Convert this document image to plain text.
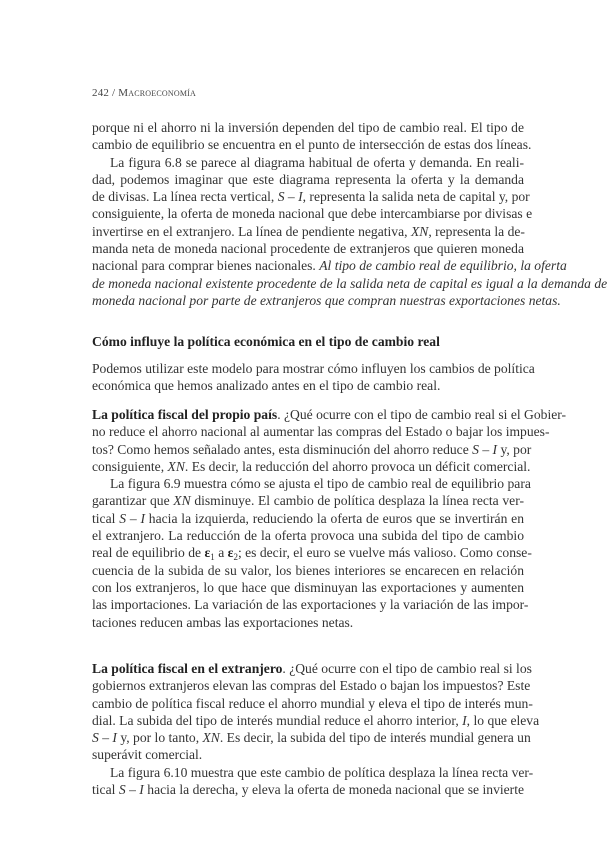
242 / Macroeconomía
porque ni el ahorro ni la inversión dependen del tipo de cambio real. El tipo de
cambio de equilibrio se encuentra en el punto de intersección de estas dos líneas.
La figura 6.8 se parece al diagrama habitual de oferta y demanda. En reali-
dad, podemos imaginar que este diagrama representa la oferta y la demanda
de divisas. La línea recta vertical, S – I, representa la salida neta de capital y, por
consiguiente, la oferta de moneda nacional que debe intercambiarse por divisas e
invertirse en el extranjero. La línea de pendiente negativa, XN, representa la de-
manda neta de moneda nacional procedente de extranjeros que quieren moneda
nacional para comprar bienes nacionales. Al tipo de cambio real de equilibrio, la oferta
de moneda nacional existente procedente de la salida neta de capital es igual a la demanda de
moneda nacional por parte de extranjeros que compran nuestras exportaciones netas.
Cómo influye la política económica en el tipo de cambio real
Podemos utilizar este modelo para mostrar cómo influyen los cambios de política
económica que hemos analizado antes en el tipo de cambio real.
La política fiscal del propio país. ¿Qué ocurre con el tipo de cambio real si el Gobier-
no reduce el ahorro nacional al aumentar las compras del Estado o bajar los impues-
tos? Como hemos señalado antes, esta disminución del ahorro reduce S – I y, por
consiguiente, XN. Es decir, la reducción del ahorro provoca un déficit comercial.
La figura 6.9 muestra cómo se ajusta el tipo de cambio real de equilibrio para
garantizar que XN disminuye. El cambio de política desplaza la línea recta ver-
tical S – I hacia la izquierda, reduciendo la oferta de euros que se invertirán en
el extranjero. La reducción de la oferta provoca una subida del tipo de cambio
real de equilibrio de $\varepsilon_1$ a $\varepsilon_2$; es decir, el euro se vuelve más valioso. Como conse-
cuencia de la subida de su valor, los bienes interiores se encarecen en relación
con los extranjeros, lo que hace que disminuyan las exportaciones y aumenten
las importaciones. La variación de las exportaciones y la variación de las impor-
taciones reducen ambas las exportaciones netas.
La política fiscal en el extranjero. ¿Qué ocurre con el tipo de cambio real si los
gobiernos extranjeros elevan las compras del Estado o bajan los impuestos? Este
cambio de política fiscal reduce el ahorro mundial y eleva el tipo de interés mun-
dial. La subida del tipo de interés mundial reduce el ahorro interior, I, lo que eleva
S – I y, por lo tanto, XN. Es decir, la subida del tipo de interés mundial genera un
superávit comercial.
La figura 6.10 muestra que este cambio de política desplaza la línea recta ver-
tical S – I hacia la derecha, y eleva la oferta de moneda nacional que se invierte
